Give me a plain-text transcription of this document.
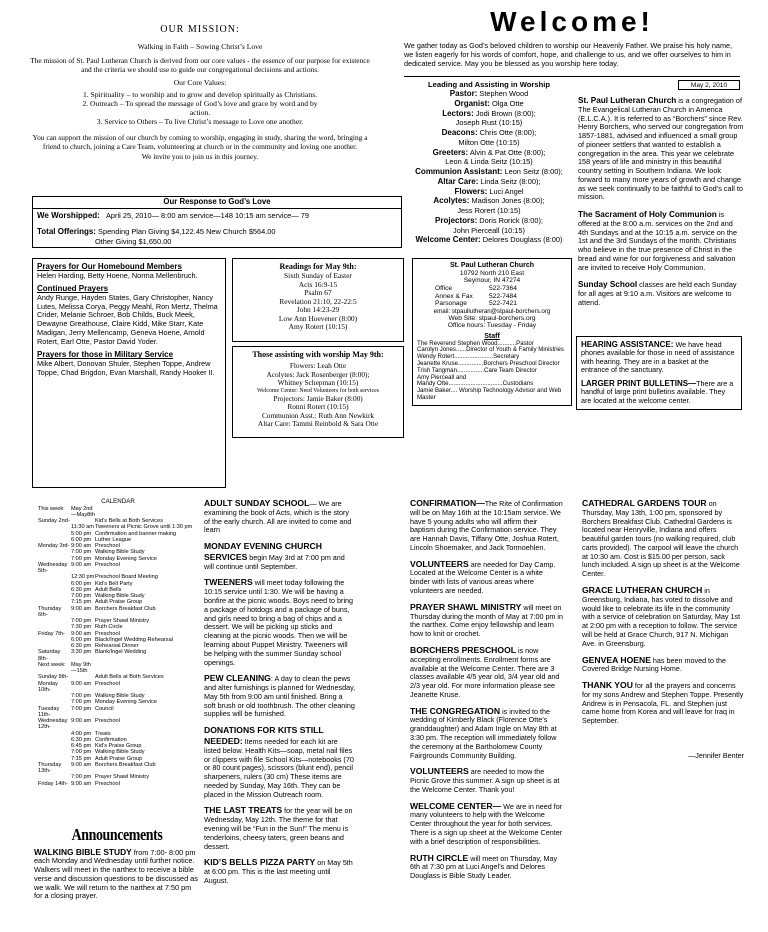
OUR MISSION:
Walking in Faith – Sowing Christ’s Love

The mission of St. Paul Lutheran Church is derived from our core values - the essence of our purpose for existence and the criteria we should use to guide our congregational decisions and actions.

Our Core Values:

1. Spirituality – to worship and to grow and develop spiritually as Christians.

2. Outreach – To spread the message of God’s love and grace by word and by action.

3. Service to Others – To live Christ’s message to Love one another.

You can support the mission of our church by coming to worship, engaging in study, sharing the word, bringing a friend to church, joining a Care Team, volunteering at church or in the community and loving one another.

We invite you to join us in this journey.

Welcome!

We gather today as God’s beloved children to worship our Heavenly Father. We praise his holy name, we listen eagerly for his words of comfort, hope, and challenge to us, and we offer ourselves to him in dedicated service. May you be blessed as you worship here today.

Our Response to God’s Love
We Worshipped: April 25, 2010— 8:00 am service—148 10:15 am service— 79
Total Offerings: Spending Plan Giving $4,122.45 New Church $564.00
Other Giving $1,650.00
Leading and Assisting in Worship

Pastor: Stephen Wood

Organist: Olga Otte

Lectors: Jodi Brown (8:00);

Joseph Rust (10:15)

Deacons: Chris Otte (8:00);

Milton Otte (10:15)

Greeters: Alvin & Pat Otte (8:00);

Leon & Linda Seitz (10:15)

Communion Assistant: Leon Seitz (8:00);

Altar Care: Linda Seitz (8:00);

Flowers: Luci Angel

Acolytes: Madison Jones (8:00);

Jess Rorert (10:15)

Projectors: Doris Rorick (8:00);

John Pierceall (10:15)

Welcome Center: Delores Douglass (8:00)

May 2, 2010

St. Paul Lutheran Church is a congregation of The Evangelical Lutheran Church in America (E.L.C.A.). It is referred to as “Borchers” since Rev. Henry Borchers, who served our congregation from 1857-1881, advised and influenced a small group of pioneer settlers that wanted to establish a congregation in the area. This year we celebrate 158 years of life and ministry in this beautiful country setting in Southern Indiana. We look forward to many more years of growth and change as we seek continually to be faithful to God’s call to mission.

The Sacrament of Holy Communion is offered at the 8:00 a.m. services on the 2nd and 4th Sundays and at the 10:15 a.m. service on the 1st and the 3rd Sundays of the month. Christians who believe in the true presence of Christ in the bread and wine for our forgiveness and salvation are invited to receive Holy Communion.

Sunday School classes are held each Sunday for all ages at 9:10 a.m. Visitors are welcome to attend.

Prayers for Our Homebound Members

Helen Harding, Betty Hoene, Norma Mellenbruch.

Continued Prayers

Andy Runge, Hayden States, Gary Christopher, Nancy Lutes, Melissa Corya, Peggy Meahl, Ron Mertz, Thelma Crider, Melanie Schroer, Bob Childs, Buck Meek, Dewayne Greathouse, Claire Kidd, Mike Starr, Kate Madigan, Jerry Mellencamp, Geneva Hoene, Arnold Rotert, Earl Otte, Pastor David Yoder.

Prayers for those in Military Service

Mike Albert, Donovan Shuler, Stephen Toppe, Andrew Toppe, Chad Brigdon, Evan Marshall, Randy Hooker II.

Readings for May 9th:

Sixth Sunday of Easter

Acts 16:9-15

Psalm 67

Revelation 21:10, 22-22:5

John 14:23-29

Low Ann Hoevener (8:00)

Amy Rotert (10:15)

Those assisting with worship May 9th:

Flowers: Leah Otte

Acolytes: Jack Rosenberger (8:00);

Whitney Schepman (10:15)

Welcome Center: Need Volunteers for both services

Projectors: Jamie Baker (8:00)

Ronni Rotert (10:15)

Communion Asst.: Ruth Ann Newkirk

Altar Care: Tammi Reinbold & Sara Otte

St. Paul Lutheran Church
10792 North 210 East
Seymour, IN 47274
Office	522-7364
Annex & Fax 522-7484
Parsonage	522-7421
email: stpaullutheran@stpaul-borchers.org
Web Site: stpaul-borchers.org
Office hours: Tuesday - Friday
Staff

The Reverend Stephen Wood...........Pastor

Carolyn Jones......Director of Youth & Family Ministries

Wendy Rotert.......................Secretary

Jeanette Kruse...............Borchers Preschool Director

Trish Tangman................Care Team Director

Amy Pierceall and

Mandy Otte................................Custodians

Jamie Baker.... Worship Technology Advisor and Web Master

HEARING ASSISTANCE: We have head phones available for those in need of assistance with hearing. They are in a basket at the entrance of the sanctuary.

LARGER PRINT BULLETINS—There are a handful of large print bulletins available. They are located at the welcome center.

CALENDAR
This week:	May 2nd—May8th	
Sunday 2nd-		Kid’s Bells at Both Services
	11:30 am	Tweeners at Picnic Grove until 1:30 pm
	5:00 pm	Confirmation and banner making
	6:00 pm	Luther League
Monday 3rd-	9:00 am	Preschool
	7:00 pm	Walking Bible Study
	7:00 pm	Monday Evening Service
Wednesday 5th-	9:00 am	Preschool
	12:30 pm	Preschool Board Meeting
	6:00 pm	Kid’s Bell Party
	6:30 pm	Adult Bells
	7:00 pm	Walking Bible Study
	7:15 pm	Adult Praise Group
Thursday 6th-	9:00 am	Borchers Breakfast Club
	7:00 pm	Prayer Shawl Ministry
	7:30 pm	Ruth Circle
Friday 7th-	9:00 am	Preschool
	6:00 pm	Black/Ingel Wedding Rehearsal
	6:30 pm	Rehearsal Dinner
Saturday 8th-	3:30 pm	Blank/Ingel Wedding
Next week:	May 9th—15th	
Sunday 9th-		Adult Bells at Both Services
Monday 10th-	9:00 am	Preschool
	7:00 pm	Walking Bible Study
	7:00 pm	Monday Evening Service
Tuesday 11th-	7:00 pm	Council
Wednesday 12th-	9:00 am	Preschool
	4:00 pm	Treats
	6:30 pm	Confirmation
	6:45 pm	Kid’s Praise Group
	7:00 pm	Walking Bible Study
	7:15 pm	Adult Praise Group
Thursday 13th-	9:00 am	Borchers Breakfast Club
	7:00 pm	Prayer Shawl Ministry
Friday 14th-	9:00 am	Preschool
Announcements

WALKING BIBLE STUDY from 7:00- 8:00 pm each Monday and Wednesday until further notice. Walkers will meet in the narthex to receive a bible verse and discussion questions to be discussed as we walk. We will return to the narthex at 7:50 pm for a closing prayer.

ADULT SUNDAY SCHOOL— We are examining the book of Acts, which is the story of the early church. All are invited to come and learn

MONDAY EVENING CHURCH SERVICES begin May 3rd at 7:00 pm and will continue until September.

TWEENERS will meet today following the 10:15 service until 1:30. We will be having a bonfire at the picnic woods. Boys need to bring a package of hotdogs and a package of buns, and girls need to bring a bag of chips and a dessert. We will be picking up sticks and cleaning at the picnic woods. Then we will be learning about Puppet Ministry. Tweeners will be helping with the summer Sunday school openings.

PEW CLEANING: A day to clean the pews and alter furnishings is planned for Wednesday, May 5th from 9:00 am until finished. Bring a soft brush or old toothbrush. The other cleaning supplies will be furnished.

DONATIONS FOR KITS STILL NEEDED: Items needed for each kit are listed below. Health Kits—soap, metal nail files or clippers with file School Kits—notebooks (70 or 80 count pages), scissors (blunt end), pencil sharpeners, rulers (30 cm) These items are needed by Sunday, May 16th. They can be placed in the Mission Outreach room.

THE LAST TREATS for the year will be on Wednesday, May 12th. The theme for that evening will be “Fun in the Sun!” The menu is tenderloins, cheesy taters, green beans and dessert.

KID’S BELLS PIZZA PARTY on May 5th at 6:00 pm. This is the last meeting until August.

CONFIRMATION—The Rite of Confirmation will be on May 16th at the 10:15am service. We have 5 young adults who will affirm their baptism during the Confirmation service. They are Hannah Davis, Tiffany Otte, Joshua Rotert, Lincoln Shoemaker, and Jack Tormoehlen.

VOLUNTEERS are needed for Day Camp. Located at the Welcome Center is a white binder with lists of various areas where volunteers are needed.

PRAYER SHAWL MINISTRY will meet on Thursday during the month of May at 7:00 pm in the narthex. Come enjoy fellowship and learn how to knit or crochet.

BORCHERS PRESCHOOL is now accepting enrollments. Enrollment forms are available at the Welcome Center. There are 3 classes available 4/5 year old, 3/4 year old and 2/3 year old. For more information please see Jeanette Kruse.

THE CONGREGATION is invited to the wedding of Kimberly Black (Florence Otte’s granddaughter) and Adam Ingle on May 8th at 3:30 pm. The reception will immediately follow the ceremony at the Bartholomew County Fairgrounds Community Building.

VOLUNTEERS are needed to mow the Picnic Grove this summer. A sign up sheet is at the Welcome Center. Thank you!

WELCOME CENTER— We are in need for many volunteers to help with the Welcome Center throughout the year for both services. There is a sign up sheet at the Welcome Center with a brief description of responsibilities.

RUTH CIRCLE will meet on Thursday, May 6th at 7:30 pm at Luci Angel’s and Delores Douglass is Bible Study Leader.

CATHEDRAL GARDENS TOUR on Thursday, May 13th, 1:00 pm, sponsored by Borchers Breakfast Club. Cathedral Gardens is located near Henryville, Indiana and offers beautiful garden tours (no walking required, club carts provided). The carpool will leave the church at 10:30 am. Cost is $15.00 per person, sack lunch included. A sign up sheet is at the Welcome Center.

GRACE LUTHERAN CHURCH in Greensburg, Indiana, has voted to dissolve and would like to celebrate its life in the community with a service of celebration on Saturday, May 1st at 2:00 pm with a reception to follow. The service will be held at Grace Church, 917 N. Michigan Ave. in Greensburg.

GENVEA HOENE has been moved to the Covered Bridge Nursing Home.

THANK YOU for all the prayers and concerns for my sons Andrew and Stephen Toppe. Presently Andrew is in Pensacola, FL. and Stephen just came home from Korea and will leave for Iraq in September.

—Jennifer Benter
